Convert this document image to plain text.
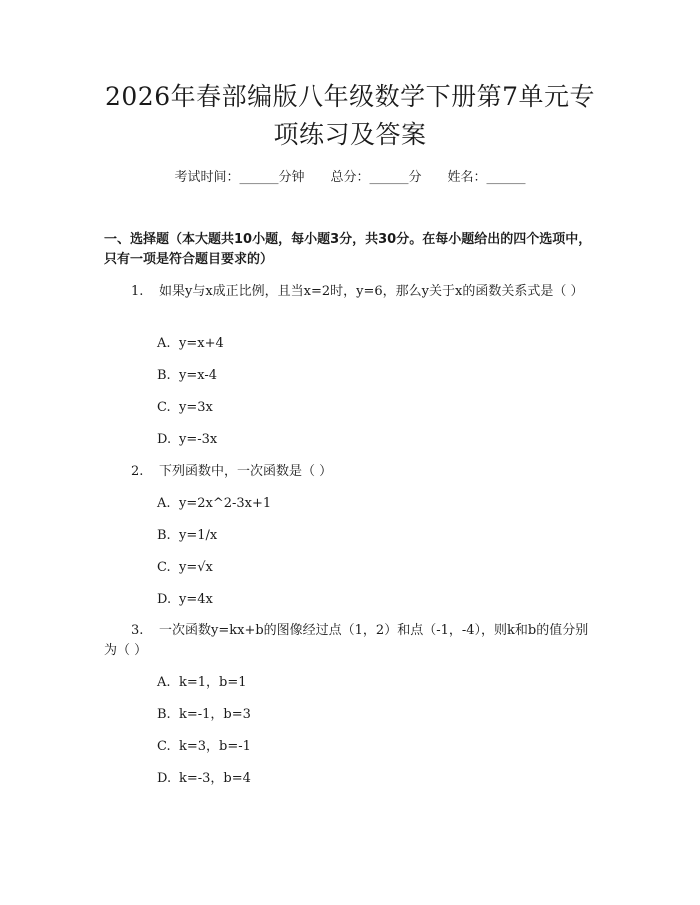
2026年春部编版八年级数学下册第7单元专
项练习及答案
考试时间：______分钟 总分：______分 姓名：______
一、选择题（本大题共10小题，每小题3分，共30分。在每小题给出的四个选项中，只有一项是符合题目要求的）
1. 如果y与x成正比例，且当x=2时，y=6，那么y关于x的函数关系式是（ ）
A. y=x+4
B. y=x-4
C. y=3x
D. y=-3x
2. 下列函数中，一次函数是（ ）
A. y=2x^2-3x+1
B. y=1/x
C. y=√x
D. y=4x
3. 一次函数y=kx+b的图像经过点（1，2）和点（-1，-4），则k和b的值分别为（ ）
A. k=1，b=1
B. k=-1，b=3
C. k=3，b=-1
D. k=-3，b=4
